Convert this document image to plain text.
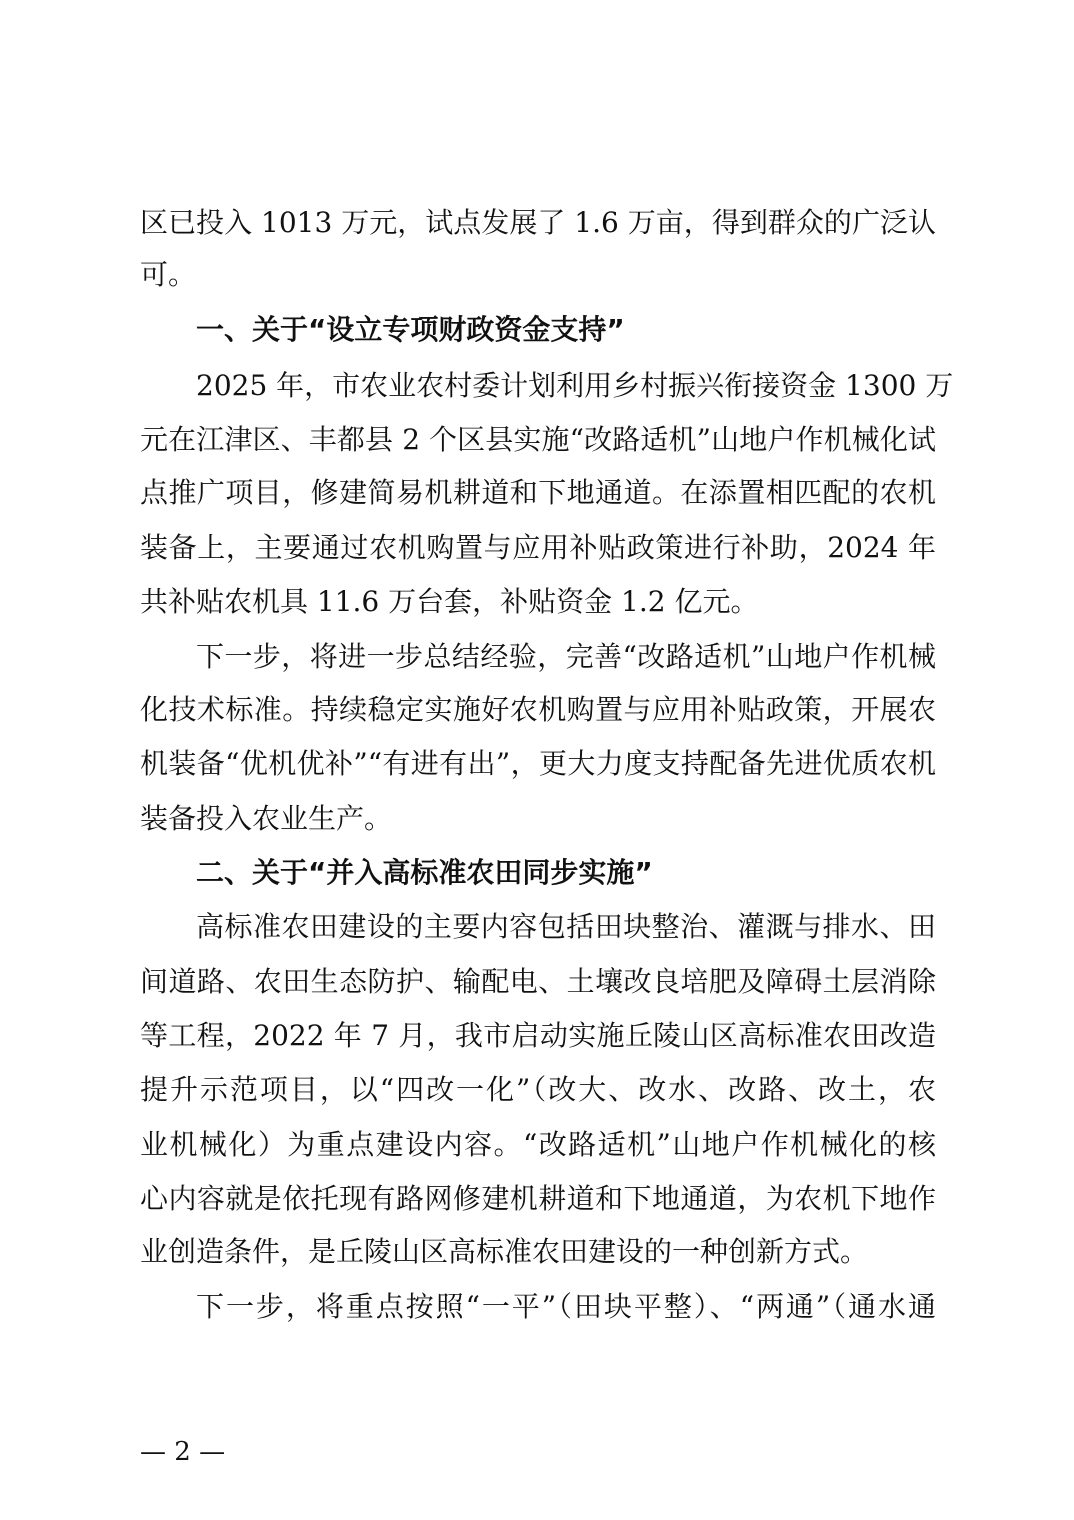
区已投入 1013 万元，试点发展了 1.6 万亩，得到群众的广泛认
可。
一、关于“设立专项财政资金支持”
2025 年，市农业农村委计划利用乡村振兴衔接资金 1300 万
元在江津区、丰都县 2 个区县实施“改路适机”山地户作机械化试
点推广项目，修建简易机耕道和下地通道。在添置相匹配的农机
装备上，主要通过农机购置与应用补贴政策进行补助，2024 年
共补贴农机具 11.6 万台套，补贴资金 1.2 亿元。
下一步，将进一步总结经验，完善“改路适机”山地户作机械
化技术标准。持续稳定实施好农机购置与应用补贴政策，开展农
机装备“优机优补”“有进有出”，更大力度支持配备先进优质农机
装备投入农业生产。
二、关于“并入高标准农田同步实施”
高标准农田建设的主要内容包括田块整治、灌溉与排水、田
间道路、农田生态防护、输配电、土壤改良培肥及障碍土层消除
等工程，2022 年 7 月，我市启动实施丘陵山区高标准农田改造
提升示范项目，以“四改一化”（改大、改水、改路、改土，农
业机械化）为重点建设内容。“改路适机”山地户作机械化的核
心内容就是依托现有路网修建机耕道和下地通道，为农机下地作
业创造条件，是丘陵山区高标准农田建设的一种创新方式。
下一步，将重点按照“一平”（田块平整）、“两通”（通水通
— 2 —
